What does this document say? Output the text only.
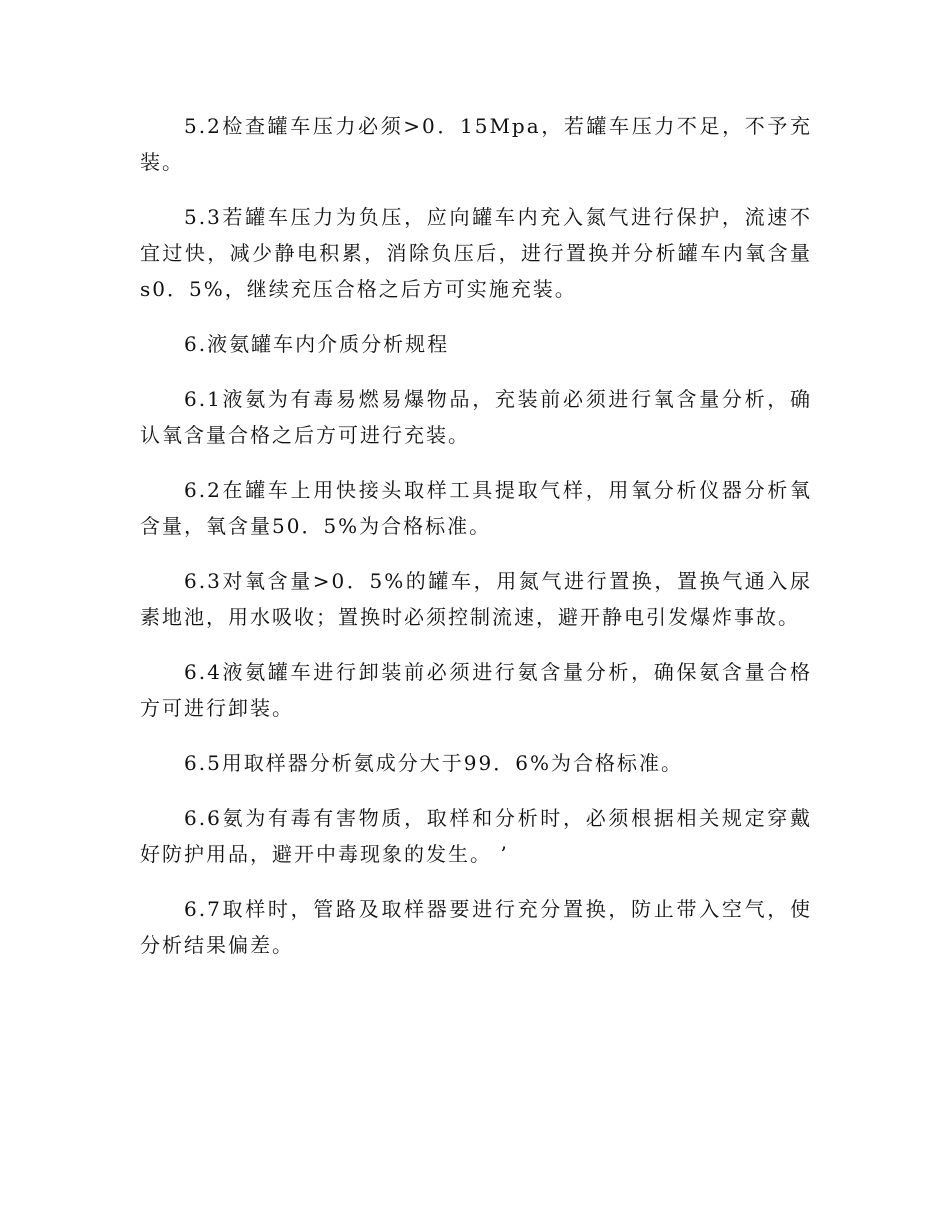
5.2检查罐车压力必须>0．15Mpa，若罐车压力不足，不予充装。

5.3若罐车压力为负压，应向罐车内充入氮气进行保护，流速不宜过快，减少静电积累，消除负压后，进行置换并分析罐车内氧含量s0．5%，继续充压合格之后方可实施充装。

6.液氨罐车内介质分析规程

6.1液氨为有毒易燃易爆物品，充装前必须进行氧含量分析，确认氧含量合格之后方可进行充装。

6.2在罐车上用快接头取样工具提取气样，用氧分析仪器分析氧含量，氧含量50．5%为合格标准。

6.3对氧含量>0．5%的罐车，用氮气进行置换，置换气通入尿素地池，用水吸收；置换时必须控制流速，避开静电引发爆炸事故。

6.4液氨罐车进行卸装前必须进行氨含量分析，确保氨含量合格方可进行卸装。

6.5用取样器分析氨成分大于99．6%为合格标准。

6.6氨为有毒有害物质，取样和分析时，必须根据相关规定穿戴好防护用品，避开中毒现象的发生。 ’

6.7取样时，管路及取样器要进行充分置换，防止带入空气，使分析结果偏差。
